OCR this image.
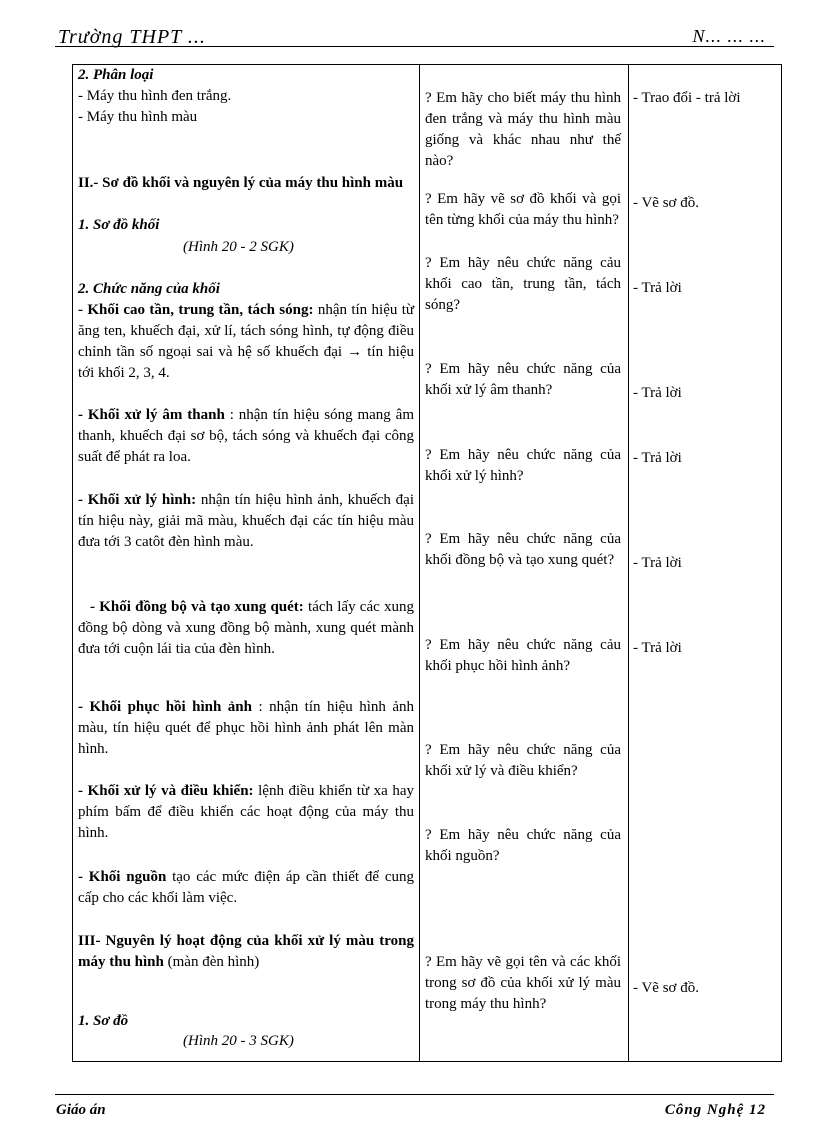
Trường THPT ...	N... ... ...

2. Phân loại

- Máy thu hình đen trắng.

- Máy thu hình màu

II.- Sơ đồ khối và nguyên lý của máy thu hình màu

1. Sơ đồ khối

(Hình 20 - 2 SGK)

2. Chức năng của khối

- Khối cao tần, trung tần, tách sóng: nhận tín hiệu từ ăng ten, khuếch đại, xử lí, tách sóng hình, tự động điều chỉnh tần số ngoại sai và hệ số khuếch đại → tín hiệu tới khối 2, 3, 4.

- Khối xử lý âm thanh : nhận tín hiệu sóng mang âm thanh, khuếch đại sơ bộ, tách sóng và khuếch đại công suất để phát ra loa.

- Khối xử lý hình: nhận tín hiệu hình ảnh, khuếch đại tín hiệu này, giải mã màu, khuếch đại các tín hiệu màu đưa tới 3 catôt đèn hình màu.

- Khối đồng bộ và tạo xung quét: tách lấy các xung đồng bộ dòng và xung đồng bộ mành, xung quét mành đưa tới cuộn lái tia của đèn hình.

- Khối phục hồi hình ảnh : nhận tín hiệu hình ảnh màu, tín hiệu quét để phục hồi hình ảnh phát lên màn hình.

- Khối xử lý và điều khiển: lệnh điều khiển từ xa hay phím bấm để điều khiển các hoạt động của máy thu hình.

- Khối nguồn tạo các mức điện áp cần thiết để cung cấp cho các khối làm việc.

III- Nguyên lý hoạt động của khối xử lý màu trong máy thu hình (màn đèn hình)

1. Sơ đồ

(Hình 20 - 3 SGK)

? Em hãy cho biết máy thu hình đen trắng và máy thu hình màu giống và khác nhau như thế nào?

? Em hãy vẽ sơ đồ khối và gọi tên từng khối của máy thu hình?

? Em hãy nêu chức năng cảu khối cao tần, trung tần, tách sóng?

? Em hãy nêu chức năng của khối xử lý âm thanh?

? Em hãy nêu chức năng của khối xử lý hình?

? Em hãy nêu chức năng của khối đồng bộ và tạo xung quét?

? Em hãy nêu chức năng cảu khối phục hồi hình ảnh?

? Em hãy nêu chức năng của khối xử lý và điều khiển?

? Em hãy nêu chức năng của khối nguồn?

? Em hãy vẽ gọi tên và các khối trong sơ đồ của khối xử lý màu trong máy thu hình?

- Trao đổi - trả lời

- Vẽ sơ đồ.

- Trả lời

- Trả lời

- Trả lời

- Trả lời

- Trả lời

- Vẽ sơ đồ.

Giáo án	Công Nghệ 12
